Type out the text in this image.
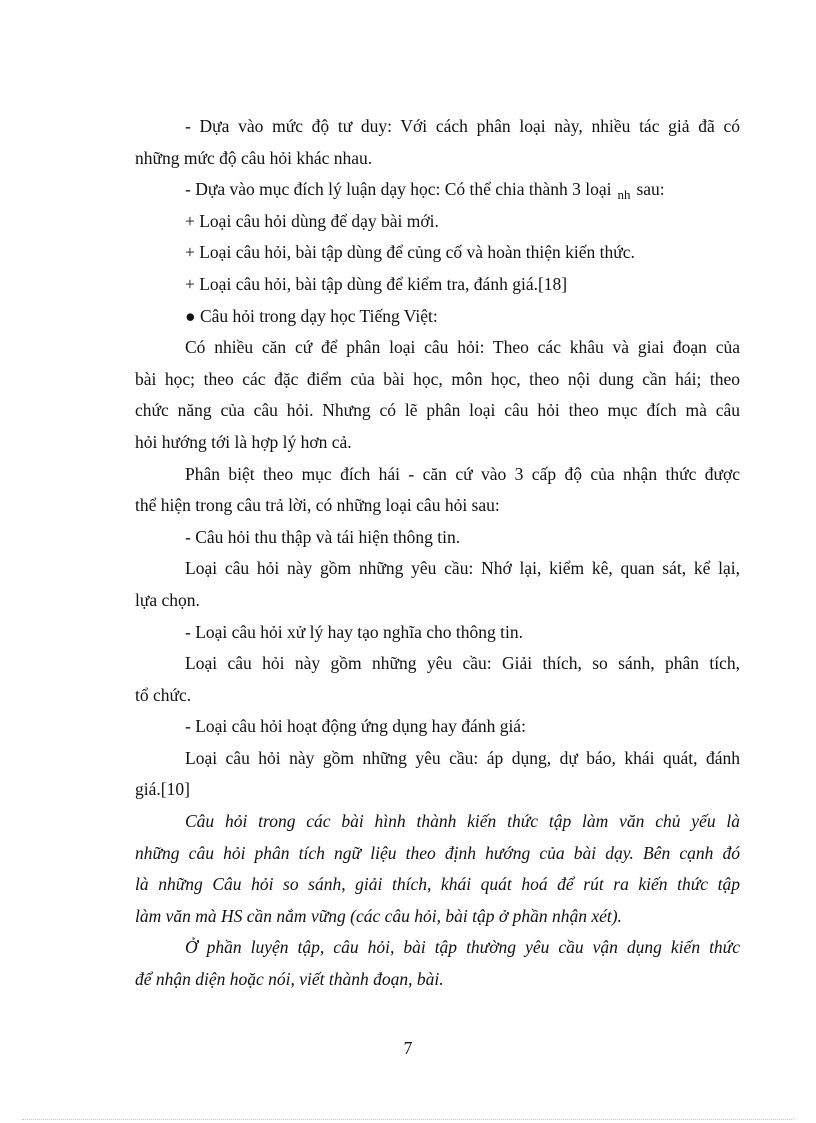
- Dựa vào mức độ tư duy: Với cách phân loại này, nhiều tác giả đã có
những mức độ câu hỏi khác nhau.
- Dựa vào mục đích lý luận dạy học: Có thể chia thành 3 loại $_{nh}$ sau:
+ Loại câu hỏi dùng để dạy bài mới.
+ Loại câu hỏi, bài tập dùng để củng cố và hoàn thiện kiến thức.
+ Loại câu hỏi, bài tập dùng để kiểm tra, đánh giá.[18]
● Câu hỏi trong dạy học Tiếng Việt:
Có nhiều căn cứ để phân loại câu hỏi: Theo các khâu và giai đoạn của
bài học; theo các đặc điểm của bài học, môn học, theo nội dung cần hái; theo
chức năng của câu hỏi. Nhưng có lẽ phân loại câu hỏi theo mục đích mà câu
hỏi hướng tới là hợp lý hơn cả.
Phân biệt theo mục đích hái - căn cứ vào 3 cấp độ của nhận thức được
thể hiện trong câu trả lời, có những loại câu hỏi sau:
- Câu hỏi thu thập và tái hiện thông tin.
Loại câu hỏi này gồm những yêu cầu: Nhớ lại, kiểm kê, quan sát, kể lại,
lựa chọn.
- Loại câu hỏi xử lý hay tạo nghĩa cho thông tin.
Loại câu hỏi này gồm những yêu cầu: Giải thích, so sánh, phân tích,
tổ chức.
- Loại câu hỏi hoạt động ứng dụng hay đánh giá:
Loại câu hỏi này gồm những yêu cầu: áp dụng, dự báo, khái quát, đánh
giá.[10]
Câu hỏi trong các bài hình thành kiến thức tập làm văn chủ yếu là
những câu hỏi phân tích ngữ liệu theo định hướng của bài dạy. Bên cạnh đó
là những Câu hỏi so sánh, giải thích, khái quát hoá để rút ra kiến thức tập
làm văn mà HS cần nắm vững (các câu hỏi, bài tập ở phần nhận xét).
Ở phần luyện tập, câu hỏi, bài tập thường yêu cầu vận dụng kiến thức
để nhận diện hoặc nói, viết thành đoạn, bài.
7
